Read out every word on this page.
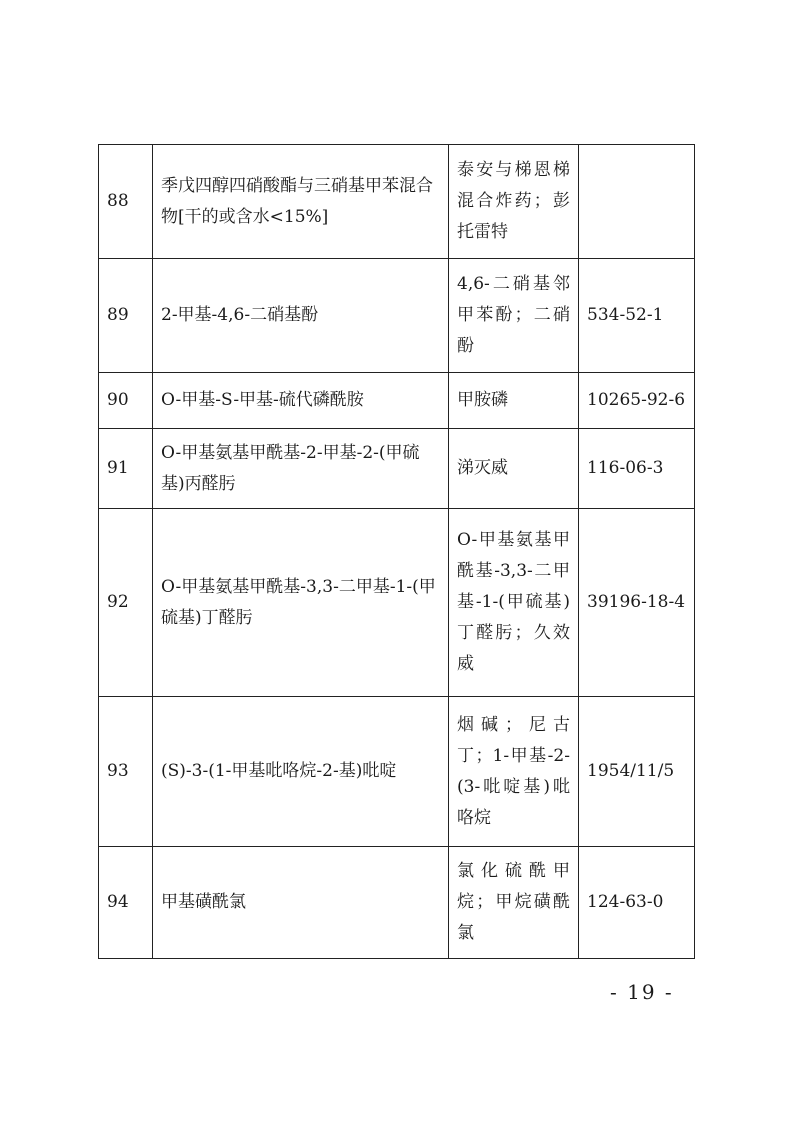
88	季戊四醇四硝酸酯与三硝基甲苯混合物[干的或含水<15%]	泰安与梯恩梯混合炸药；彭托雷特	
89	2-甲基-4,6-二硝基酚	4,6-二硝基邻甲苯酚；二硝酚	534-52-1
90	O-甲基-S-甲基-硫代磷酰胺	甲胺磷	10265-92-6
91	O-甲基氨基甲酰基-2-甲基-2-(甲硫基)丙醛肟	涕灭威	116-06-3
92	O-甲基氨基甲酰基-3,3-二甲基-1-(甲硫基)丁醛肟	O-甲基氨基甲酰基-3,3-二甲基-1-(甲硫基)丁醛肟；久效威	39196-18-4
93	(S)-3-(1-甲基吡咯烷-2-基)吡啶	烟碱；尼古丁；1-甲基-2-(3-吡啶基)吡咯烷	1954/11/5
94	甲基磺酰氯	氯化硫酰甲烷；甲烷磺酰氯	124-63-0
- 19 -
